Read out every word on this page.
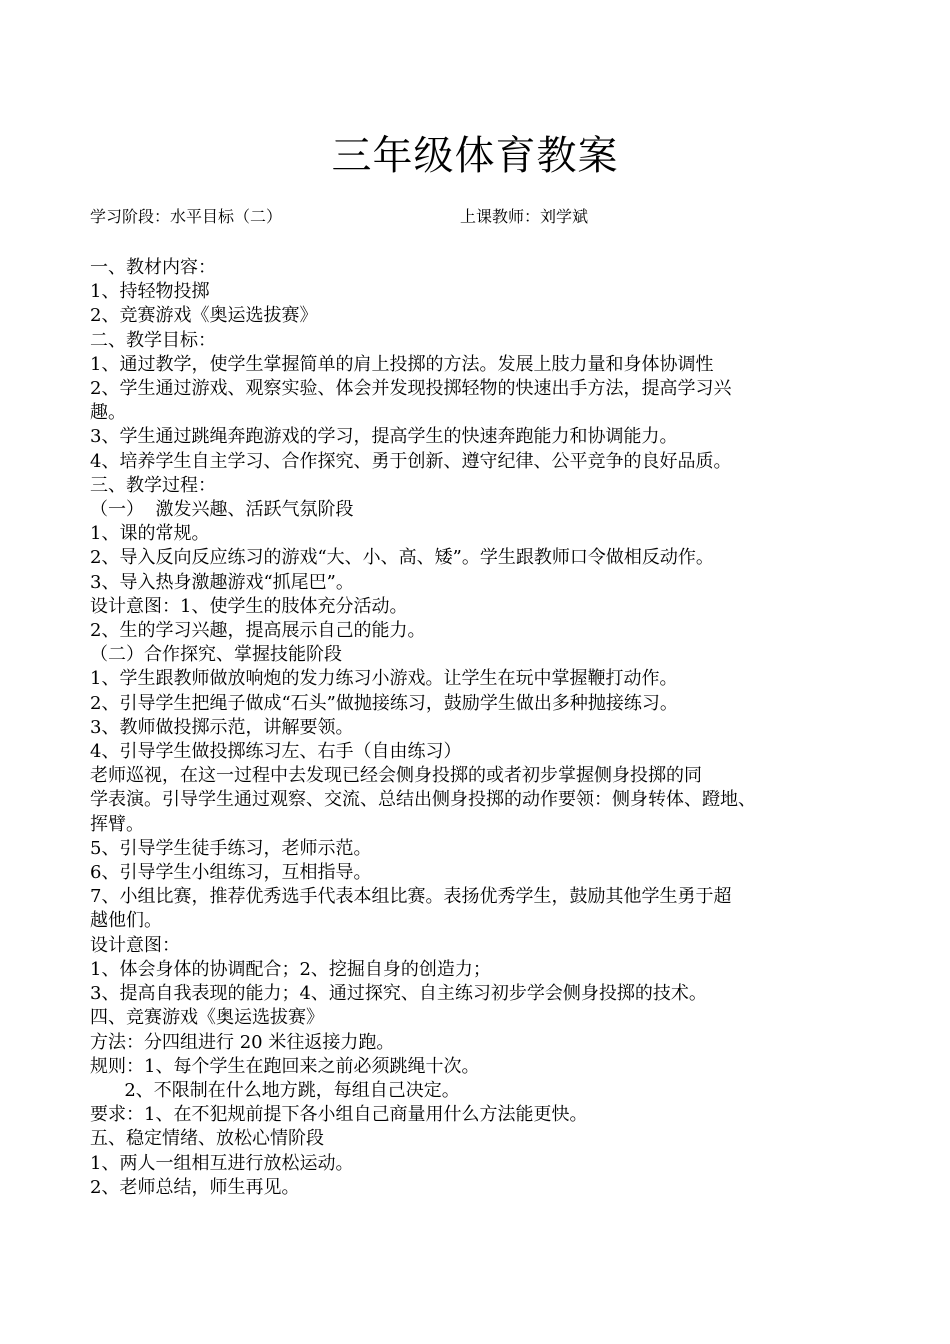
三年级体育教案
学习阶段：水平目标（二）	上课教师：刘学斌
一、教材内容：
1、持轻物投掷
2、竞赛游戏《奥运选拔赛》
二、教学目标：
1、通过教学，使学生掌握简单的肩上投掷的方法。发展上肢力量和身体协调性
2、学生通过游戏、观察实验、体会并发现投掷轻物的快速出手方法，提高学习兴
趣。
3、学生通过跳绳奔跑游戏的学习，提高学生的快速奔跑能力和协调能力。
4、培养学生自主学习、合作探究、勇于创新、遵守纪律、公平竞争的良好品质。
三、教学过程：
（一）  激发兴趣、活跃气氛阶段
1、课的常规。
2、导入反向反应练习的游戏“大、小、高、矮”。学生跟教师口令做相反动作。
3、导入热身激趣游戏“抓尾巴”。
设计意图：1、使学生的肢体充分活动。
2、生的学习兴趣，提高展示自己的能力。
（二）合作探究、掌握技能阶段
1、学生跟教师做放响炮的发力练习小游戏。让学生在玩中掌握鞭打动作。
2、引导学生把绳子做成“石头”做抛接练习，鼓励学生做出多种抛接练习。
3、教师做投掷示范，讲解要领。
4、引导学生做投掷练习左、右手（自由练习）
老师巡视，在这一过程中去发现已经会侧身投掷的或者初步掌握侧身投掷的同
学表演。引导学生通过观察、交流、总结出侧身投掷的动作要领：侧身转体、蹬地、
挥臂。
5、引导学生徒手练习，老师示范。
6、引导学生小组练习，互相指导。
7、小组比赛，推荐优秀选手代表本组比赛。表扬优秀学生，鼓励其他学生勇于超
越他们。
设计意图：
1、体会身体的协调配合；2、挖掘自身的创造力；
3、提高自我表现的能力；4、通过探究、自主练习初步学会侧身投掷的技术。
四、竞赛游戏《奥运选拔赛》
方法：分四组进行 20 米往返接力跑。
规则：1、每个学生在跑回来之前必须跳绳十次。
2、不限制在什么地方跳，每组自己决定。
要求：1、在不犯规前提下各小组自己商量用什么方法能更快。
五、稳定情绪、放松心情阶段
1、两人一组相互进行放松运动。
2、老师总结，师生再见。
